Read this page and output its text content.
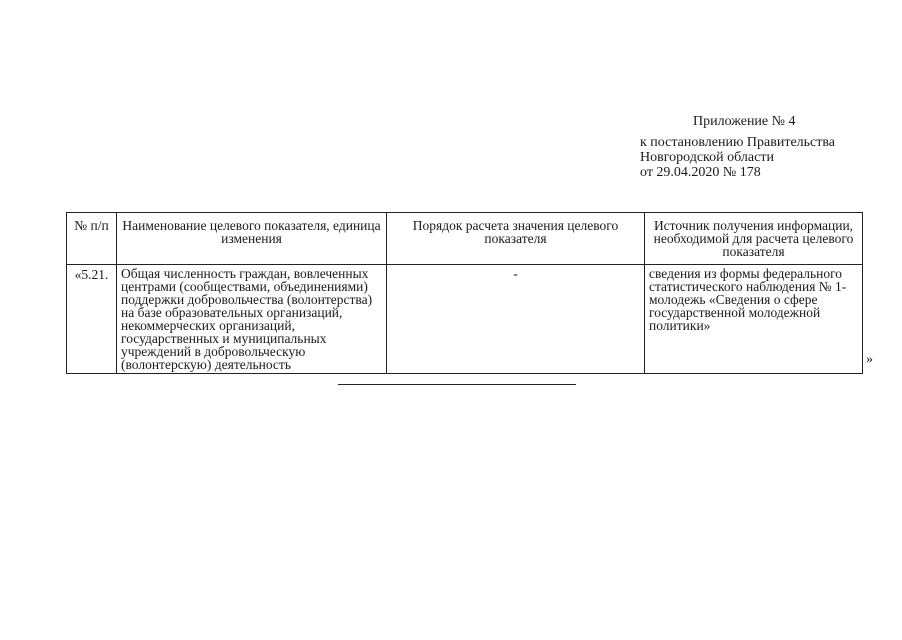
Приложение № 4
к постановлению Правительства
Новгородской области
от 29.04.2020 № 178
№ п/п	Наименование целевого показателя, единица изменения	Порядок расчета значения целевого показателя	Источник получения информации, необходимой для расчета целевого показателя
«5.21.	Общая численность граждан, вовлеченных центрами (сообществами, объединениями) поддержки добровольчества (волонтерства) на базе образовательных организаций, некоммерческих организаций, государственных и муниципальных учреждений в добровольческую (волонтерскую) деятельность	-	сведения из формы федерального статистического наблюдения № 1-молодежь «Сведения о сфере государственной молодежной политики»
»
